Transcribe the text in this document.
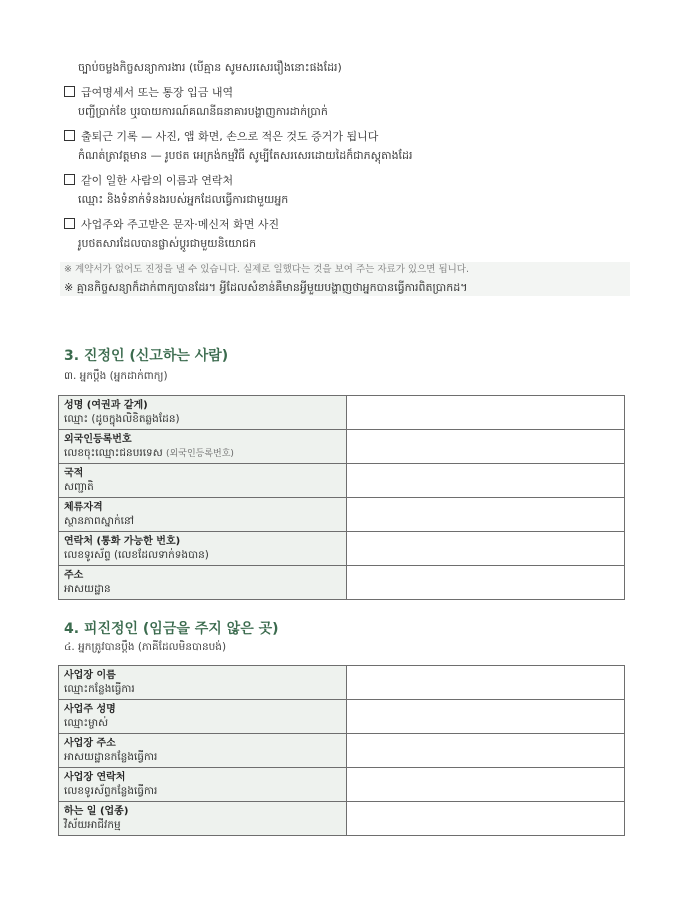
ច្បាប់ចម្លងកិច្ចសន្យាការងារ (បើគ្មាន សូមសរសេររឿងនោះផងដែរ)
급여명세서 또는 통장 입금 내역
បញ្ជីប្រាក់ខែ ឬរបាយការណ៍គណនីធនាគារបង្ហាញការដាក់ប្រាក់
출퇴근 기록 — 사진, 앱 화면, 손으로 적은 것도 증거가 됩니다
កំណត់ត្រាវត្តមាន — រូបថត អេក្រង់កម្មវិធី សូម្បីតែសរសេរដោយដៃក៏ជាភស្តុតាងដែរ
같이 일한 사람의 이름과 연락처
ឈ្មោះ និងទំនាក់ទំនងរបស់អ្នកដែលធ្វើការជាមួយអ្នក
사업주와 주고받은 문자·메신저 화면 사진
រូបថតសារដែលបានផ្លាស់ប្តូរជាមួយនិយោជក
※ 계약서가 없어도 진정을 낼 수 있습니다. 실제로 일했다는 것을 보여 주는 자료가 있으면 됩니다.
※ គ្មានកិច្ចសន្យាក៏ដាក់ពាក្យបានដែរ។ អ្វីដែលសំខាន់គឺមានអ្វីមួយបង្ហាញថាអ្នកបានធ្វើការពិតប្រាកដ។
3. 진정인 (신고하는 사람)
៣. អ្នកប្តឹង (អ្នកដាក់ពាក្យ)
성명 (여권과 같게)
ឈ្មោះ (ដូចក្នុងលិខិតឆ្លងដែន)	

외국인등록번호
លេខចុះឈ្មោះជនបរទេស (외국인등록번호)	

국적
សញ្ជាតិ	

체류자격
ស្ថានភាពស្នាក់នៅ	

연락처 (통화 가능한 번호)
លេខទូរស័ព្ទ (លេខដែលទាក់ទងបាន)	

주소
អាសយដ្ឋាន	

4. 피진정인 (임금을 주지 않은 곳)
៤. អ្នកត្រូវបានប្តឹង (ភាគីដែលមិនបានបង់)
사업장 이름
ឈ្មោះកន្លែងធ្វើការ	

사업주 성명
ឈ្មោះម្ចាស់	

사업장 주소
អាសយដ្ឋានកន្លែងធ្វើការ	

사업장 연락처
លេខទូរស័ព្ទកន្លែងធ្វើការ	

하는 일 (업종)
វិស័យអាជីវកម្ម	
